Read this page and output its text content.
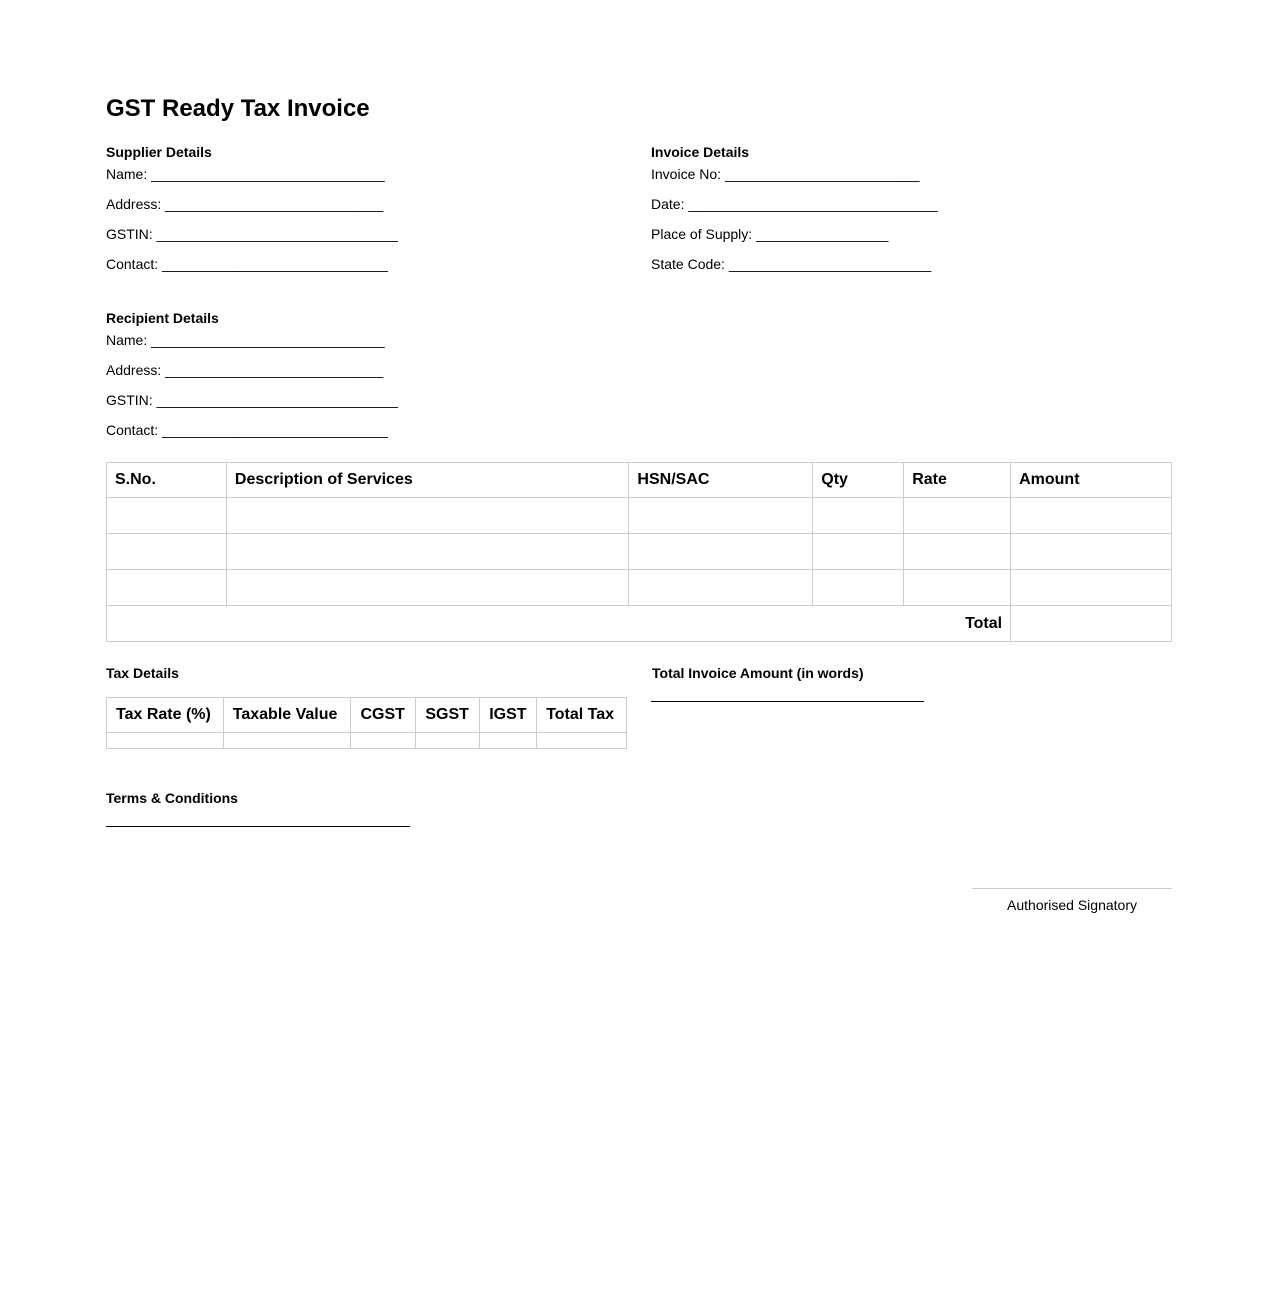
GST Ready Tax Invoice
Supplier Details
Name: ______________________________
Address: ____________________________
GSTIN: _______________________________
Contact: _____________________________
Invoice Details
Invoice No: _________________________
Date: ________________________________
Place of Supply: _________________
State Code: __________________________
Recipient Details
Name: ______________________________
Address: ____________________________
GSTIN: _______________________________
Contact: _____________________________
S.No.	Description of Services	HSN/SAC	Qty	Rate	Amount

Total					
Tax Details
Tax Rate (%)	Taxable Value	CGST	SGST	IGST	Total Tax

Total Invoice Amount (in words)
Terms & Conditions
Authorised Signatory
